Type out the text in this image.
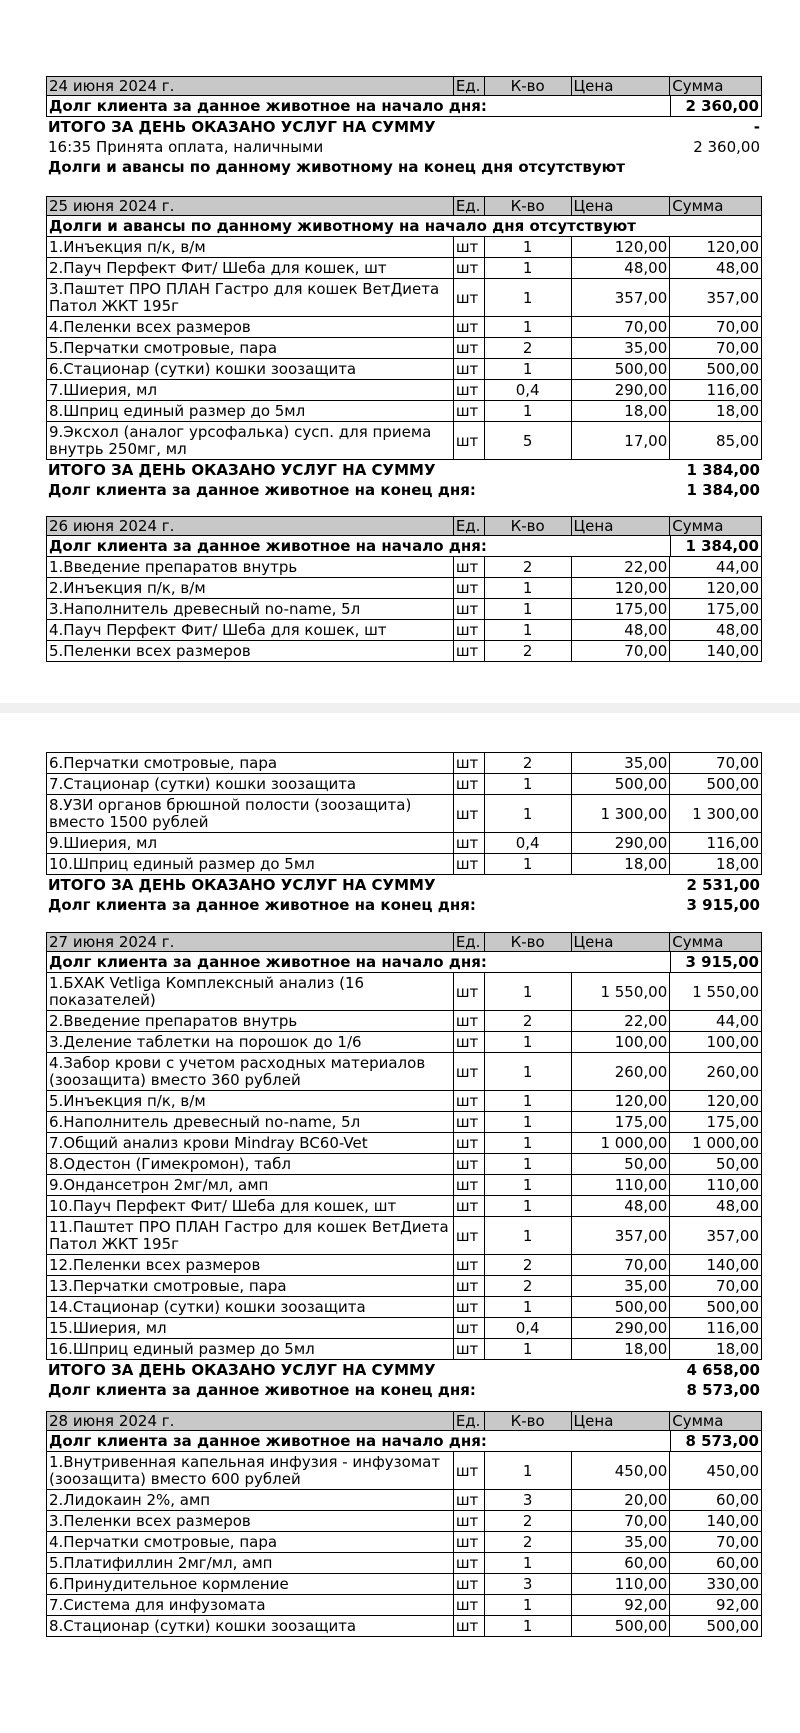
24 июня 2024 г.	Ед.	К-во	Цена	Сумма
Долг клиента за данное животное на начало дня:	2 360,00
ИТОГО ЗА ДЕНЬ ОКАЗАНО УСЛУГ НА СУММУ	-
16:35 Принята оплата, наличными	2 360,00
Долги и авансы по данному животному на конец дня отсутствуют
25 июня 2024 г.	Ед.	К-во	Цена	Сумма
Долги и авансы по данному животному на начало дня отсутствуют
1.Инъекция п/к, в/м	шт	1	120,00	120,00
2.Пауч Перфект Фит/ Шеба для кошек, шт	шт	1	48,00	48,00
3.Паштет ПРО ПЛАН Гастро для кошек ВетДиета Патол ЖКТ 195г	шт	1	357,00	357,00
4.Пеленки всех размеров	шт	1	70,00	70,00
5.Перчатки смотровые, пара	шт	2	35,00	70,00
6.Стационар (сутки) кошки зоозащита	шт	1	500,00	500,00
7.Шиерия, мл	шт	0,4	290,00	116,00
8.Шприц единый размер до 5мл	шт	1	18,00	18,00
9.Эксхол (аналог урсофалька) сусп. для приема внутрь 250мг, мл	шт	5	17,00	85,00
ИТОГО ЗА ДЕНЬ ОКАЗАНО УСЛУГ НА СУММУ	1 384,00
Долг клиента за данное животное на конец дня:	1 384,00
26 июня 2024 г.	Ед.	К-во	Цена	Сумма
Долг клиента за данное животное на начало дня:	1 384,00
1.Введение препаратов внутрь	шт	2	22,00	44,00
2.Инъекция п/к, в/м	шт	1	120,00	120,00
3.Наполнитель древесный no-name, 5л	шт	1	175,00	175,00
4.Пауч Перфект Фит/ Шеба для кошек, шт	шт	1	48,00	48,00
5.Пеленки всех размеров	шт	2	70,00	140,00
6.Перчатки смотровые, пара	шт	2	35,00	70,00
7.Стационар (сутки) кошки зоозащита	шт	1	500,00	500,00
8.УЗИ органов брюшной полости (зоозащита) вместо 1500 рублей	шт	1	1 300,00	1 300,00
9.Шиерия, мл	шт	0,4	290,00	116,00
10.Шприц единый размер до 5мл	шт	1	18,00	18,00
ИТОГО ЗА ДЕНЬ ОКАЗАНО УСЛУГ НА СУММУ	2 531,00
Долг клиента за данное животное на конец дня:	3 915,00
27 июня 2024 г.	Ед.	К-во	Цена	Сумма
Долг клиента за данное животное на начало дня:	3 915,00
1.БХАК Vetliga Комплексный анализ (16 показателей)	шт	1	1 550,00	1 550,00
2.Введение препаратов внутрь	шт	2	22,00	44,00
3.Деление таблетки на порошок до 1/6	шт	1	100,00	100,00
4.Забор крови с учетом расходных материалов (зоозащита) вместо 360 рублей	шт	1	260,00	260,00
5.Инъекция п/к, в/м	шт	1	120,00	120,00
6.Наполнитель древесный no-name, 5л	шт	1	175,00	175,00
7.Общий анализ крови Mindray BC60-Vet	шт	1	1 000,00	1 000,00
8.Одестон (Гимекромон), табл	шт	1	50,00	50,00
9.Ондансетрон 2мг/мл, амп	шт	1	110,00	110,00
10.Пауч Перфект Фит/ Шеба для кошек, шт	шт	1	48,00	48,00
11.Паштет ПРО ПЛАН Гастро для кошек ВетДиета Патол ЖКТ 195г	шт	1	357,00	357,00
12.Пеленки всех размеров	шт	2	70,00	140,00
13.Перчатки смотровые, пара	шт	2	35,00	70,00
14.Стационар (сутки) кошки зоозащита	шт	1	500,00	500,00
15.Шиерия, мл	шт	0,4	290,00	116,00
16.Шприц единый размер до 5мл	шт	1	18,00	18,00
ИТОГО ЗА ДЕНЬ ОКАЗАНО УСЛУГ НА СУММУ	4 658,00
Долг клиента за данное животное на конец дня:	8 573,00
28 июня 2024 г.	Ед.	К-во	Цена	Сумма
Долг клиента за данное животное на начало дня:	8 573,00
1.Внутривенная капельная инфузия - инфузомат (зоозащита) вместо 600 рублей	шт	1	450,00	450,00
2.Лидокаин 2%, амп	шт	3	20,00	60,00
3.Пеленки всех размеров	шт	2	70,00	140,00
4.Перчатки смотровые, пара	шт	2	35,00	70,00
5.Платифиллин 2мг/мл, амп	шт	1	60,00	60,00
6.Принудительное кормление	шт	3	110,00	330,00
7.Система для инфузомата	шт	1	92,00	92,00
8.Стационар (сутки) кошки зоозащита	шт	1	500,00	500,00
